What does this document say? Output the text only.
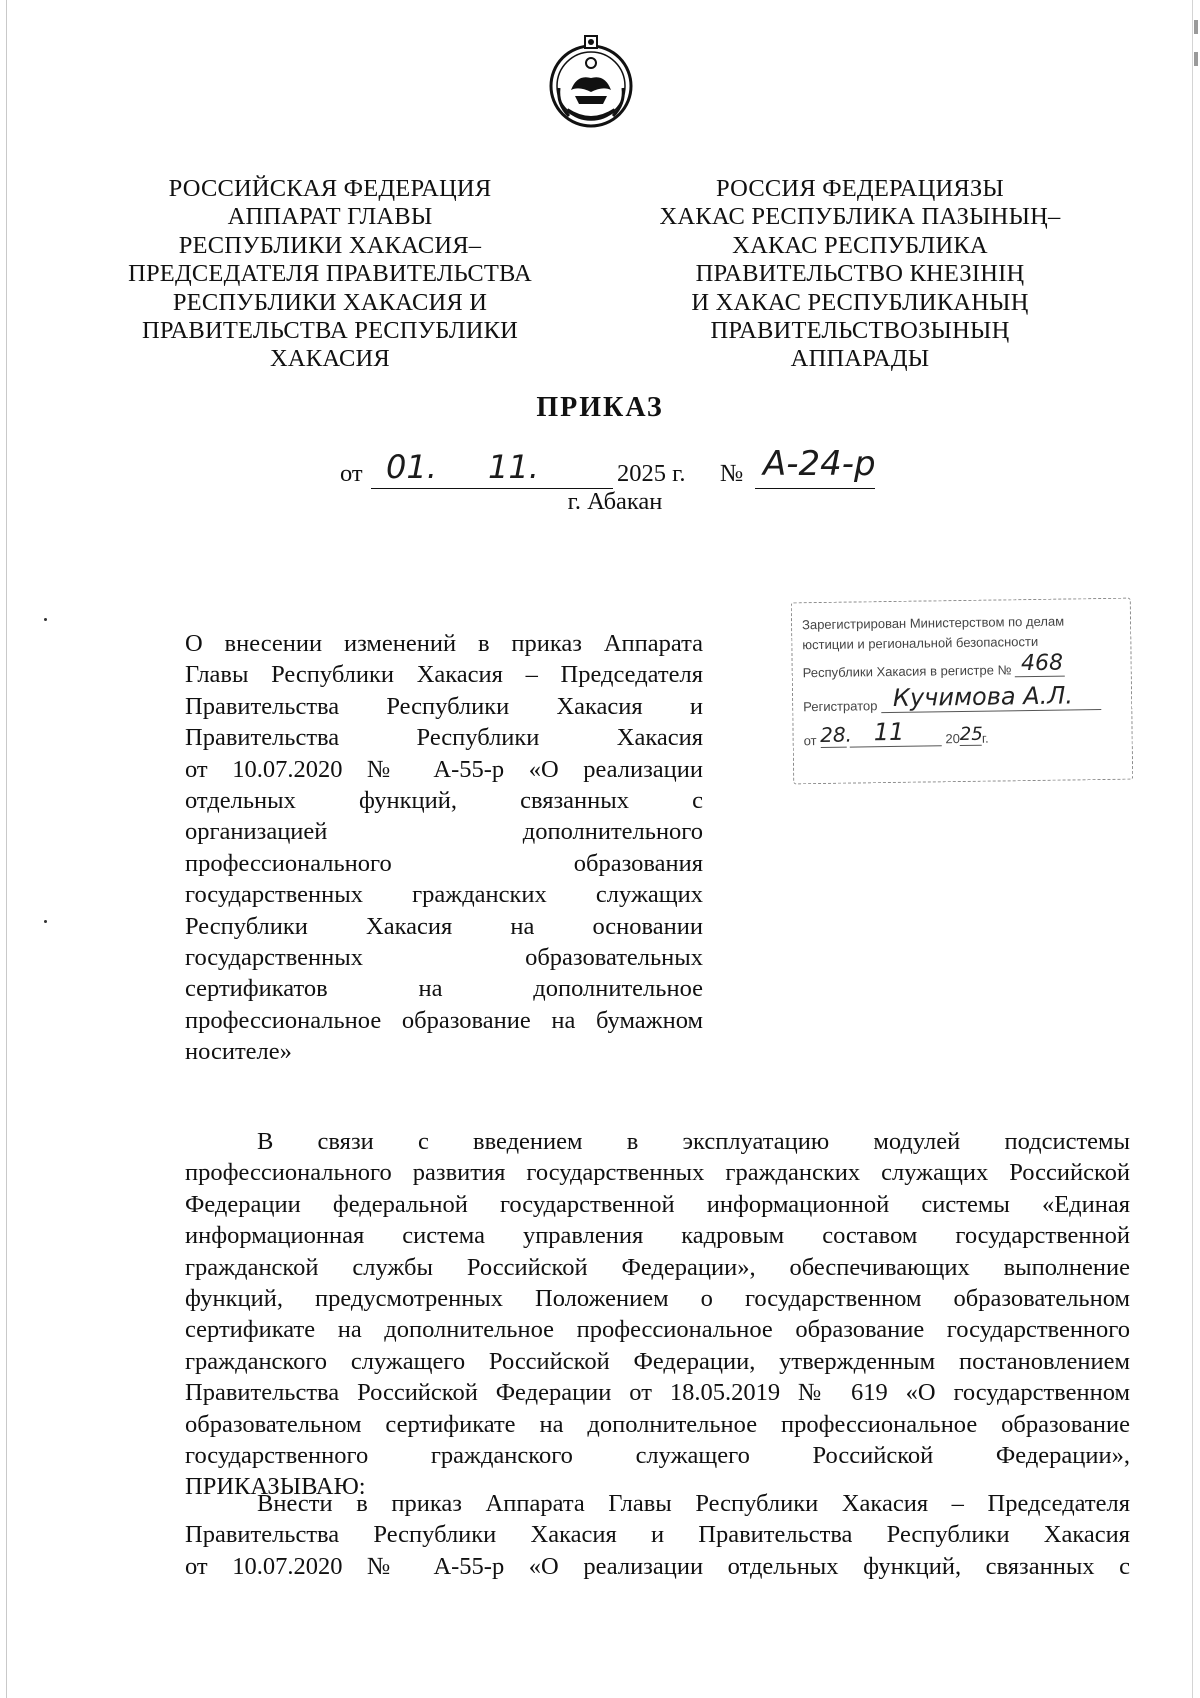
РОССИЙСКАЯ ФЕДЕРАЦИЯ
АППАРАТ ГЛАВЫ
РЕСПУБЛИКИ ХАКАСИЯ–
ПРЕДСЕДАТЕЛЯ ПРАВИТЕЛЬСТВА
РЕСПУБЛИКИ ХАКАСИЯ И
ПРАВИТЕЛЬСТВА РЕСПУБЛИКИ
ХАКАСИЯ
РОССИЯ ФЕДЕРАЦИЯЗЫ
ХАКАС РЕСПУБЛИКА ПАЗЫНЫҢ–
ХАКАС РЕСПУБЛИКА
ПРАВИТЕЛЬСТВО КНЕЗIНIҢ
И ХАКАС РЕСПУБЛИКАНЫҢ
ПРАВИТЕЛЬСТВОЗЫНЫҢ
АППАРАДЫ
ПРИКАЗ
от 01. 11.	2025 г. № А-24-р
г. Абакан
Зарегистрирован Министерством по делам
юстиции и региональной безопасности
Республики Хакасия в регистре № 468
Регистратор Кучимова А.Л.
от 28.
11	20 25
г.
О внесении изменений в приказ Аппарата
Главы Республики Хакасия – Председателя
Правительства Республики Хакасия и
Правительства Республики Хакасия
от 10.07.2020 № А-55-р «О реализации
отдельных функций, связанных с
организацией дополнительного
профессионального образования
государственных гражданских служащих
Республики Хакасия на основании
государственных образовательных
сертификатов на дополнительное
профессиональное образование на бумажном
носителе»
В связи с введением в эксплуатацию модулей подсистемы
профессионального развития государственных гражданских служащих Российской
Федерации федеральной государственной информационной системы «Единая
информационная система управления кадровым составом государственной
гражданской службы Российской Федерации», обеспечивающих выполнение
функций, предусмотренных Положением о государственном образовательном
сертификате на дополнительное профессиональное образование государственного
гражданского служащего Российской Федерации, утвержденным постановлением
Правительства Российской Федерации от 18.05.2019 № 619 «О государственном
образовательном сертификате на дополнительное профессиональное образование
государственного гражданского служащего Российской Федерации»,
ПРИКАЗЫВАЮ:
Внести в приказ Аппарата Главы Республики Хакасия – Председателя
Правительства Республики Хакасия и Правительства Республики Хакасия
от 10.07.2020 № А-55-р «О реализации отдельных функций, связанных с
